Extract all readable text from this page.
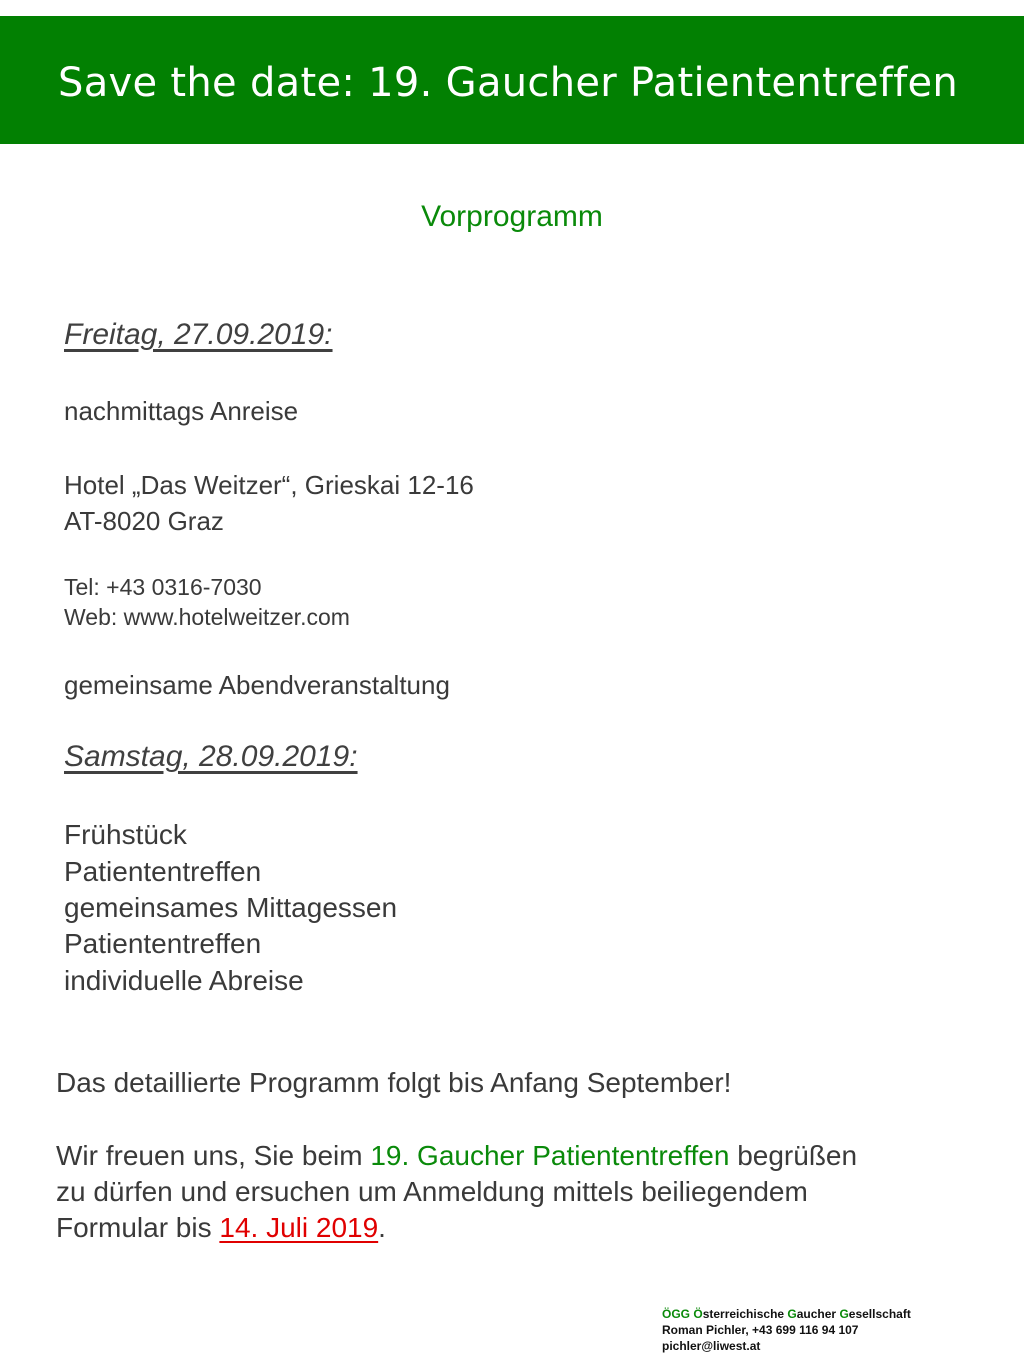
Save the date: 19. Gaucher Patiententreffen
Vorprogramm
Freitag, 27.09.2019:
nachmittags Anreise
Hotel „Das Weitzer“, Grieskai 12-16
AT-8020 Graz
Tel: +43 0316-7030
Web: www.hotelweitzer.com
gemeinsame Abendveranstaltung
Samstag, 28.09.2019:
Frühstück
Patiententreffen
gemeinsames Mittagessen
Patiententreffen
individuelle Abreise
Das detaillierte Programm folgt bis Anfang September!
Wir freuen uns, Sie beim 19. Gaucher Patiententreffen begrüßen
zu dürfen und ersuchen um Anmeldung mittels beiliegendem
Formular bis 14. Juli 2019.
ÖGG Österreichische Gaucher Gesellschaft
Roman Pichler, +43 699 116 94 107
pichler@liwest.at
